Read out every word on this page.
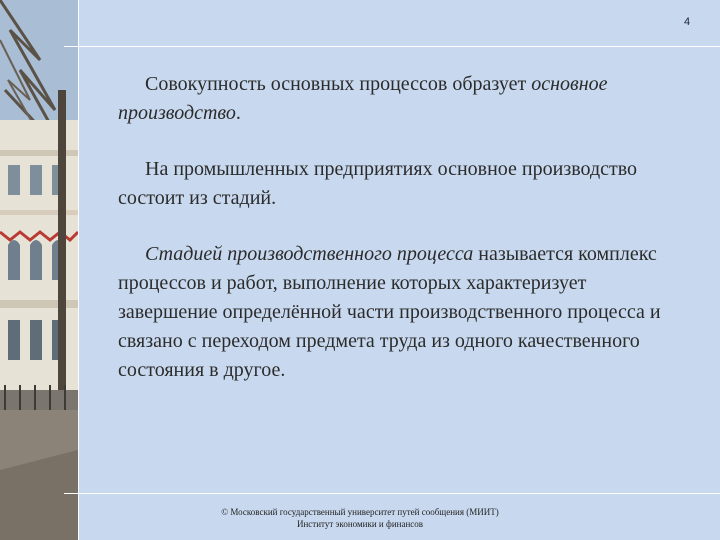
4

Совокупность основных процессов образует основное производство.

На промышленных предприятиях основное производство состоит из стадий.

Стадией производственного процесса называется комплекс процессов и работ, выполнение которых характеризует завершение определённой части производственного процесса и связано с переходом предмета труда из одного качественного состояния в другое.

© Московский государственный университет путей сообщения (МИИТ)
Институт экономики и финансов
